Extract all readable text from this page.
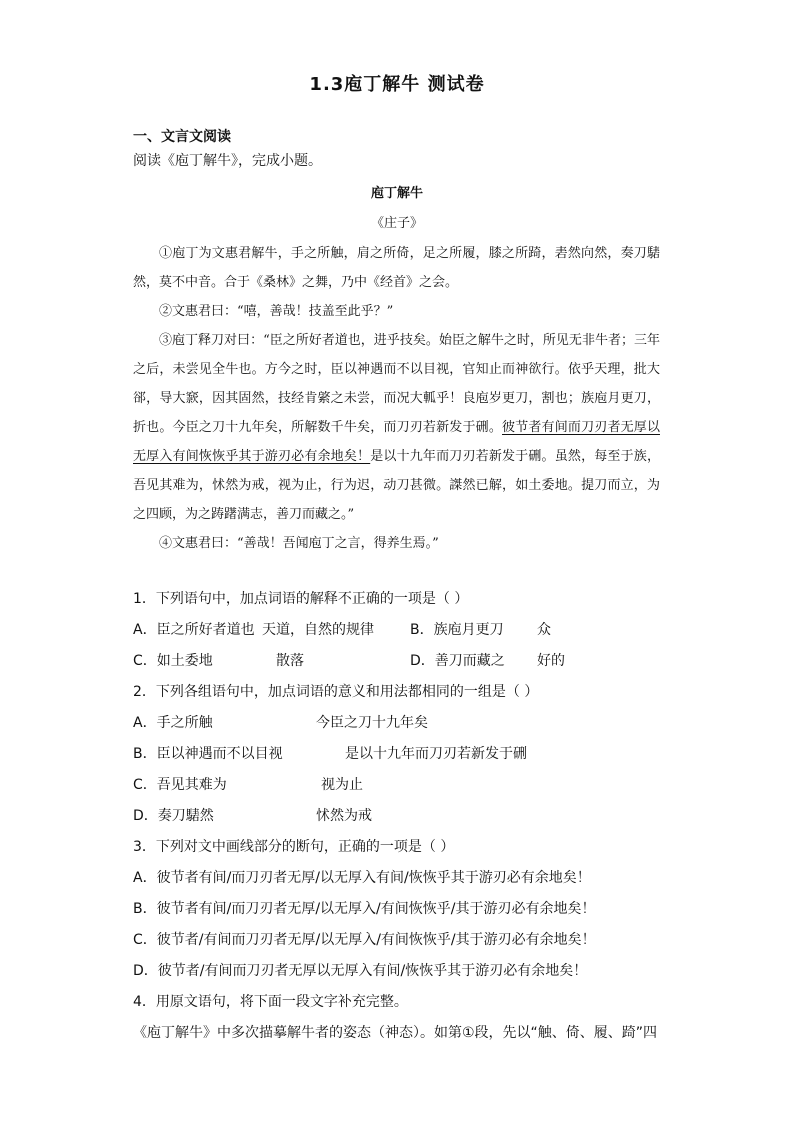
1.3庖丁解牛 测试卷
一、文言文阅读
阅读《庖丁解牛》，完成小题。
庖丁解牛
《庄子》

①庖丁为文惠君解牛，手之所触，肩之所倚，足之所履，膝之所踦，砉然向然，奏刀騞然，莫不中音。合于《桑林》之舞，乃中《经首》之会。

②文惠君曰：“嘻，善哉！技盖至此乎？”

③庖丁释刀对曰：“臣之所好者道也，进乎技矣。始臣之解牛之时，所见无非牛者；三年之后，未尝见全牛也。方今之时，臣以神遇而不以目视，官知止而神欲行。依乎天理，批大郤，导大窾，因其固然，技经肯綮之未尝，而况大軱乎！良庖岁更刀，割也；族庖月更刀，折也。今臣之刀十九年矣，所解数千牛矣，而刀刃若新发于硎。彼节者有间而刀刃者无厚以无厚入有间恢恢乎其于游刃必有余地矣！是以十九年而刀刃若新发于硎。虽然，每至于族，吾见其难为，怵然为戒，视为止，行为迟，动刀甚微。謋然已解，如土委地。提刀而立，为之四顾，为之踌躇满志，善刀而藏之。”

④文惠君曰：“善哉！吾闻庖丁之言，得养生焉。”

1．下列语句中，加点词语的解释不正确的一项是（ ）
A．臣之所好者道也 天道，自然的规律	B．族庖月更刀 众
C．如土委地	散落	D．善刀而藏之 好的
2．下列各组语句中，加点词语的意义和用法都相同的一组是（ ）
A．手之所触	今臣之刀十九年矣
B．臣以神遇而不以目视	是以十九年而刀刃若新发于硎
C．吾见其难为	视为止
D．奏刀騞然	怵然为戒
3．下列对文中画线部分的断句，正确的一项是（ ）
A．彼节者有间/而刀刃者无厚/以无厚入有间/恢恢乎其于游刃必有余地矣！
B．彼节者有间/而刀刃者无厚/以无厚入/有间恢恢乎/其于游刃必有余地矣！
C．彼节者/有间而刀刃者无厚/以无厚入/有间恢恢乎/其于游刃必有余地矣！
D．彼节者/有间而刀刃者无厚以无厚入有间/恢恢乎其于游刃必有余地矣！
4．用原文语句，将下面一段文字补充完整。
《庖丁解牛》中多次描摹解牛者的姿态（神态）。如第①段，先以“触、倚、履、踦”四
